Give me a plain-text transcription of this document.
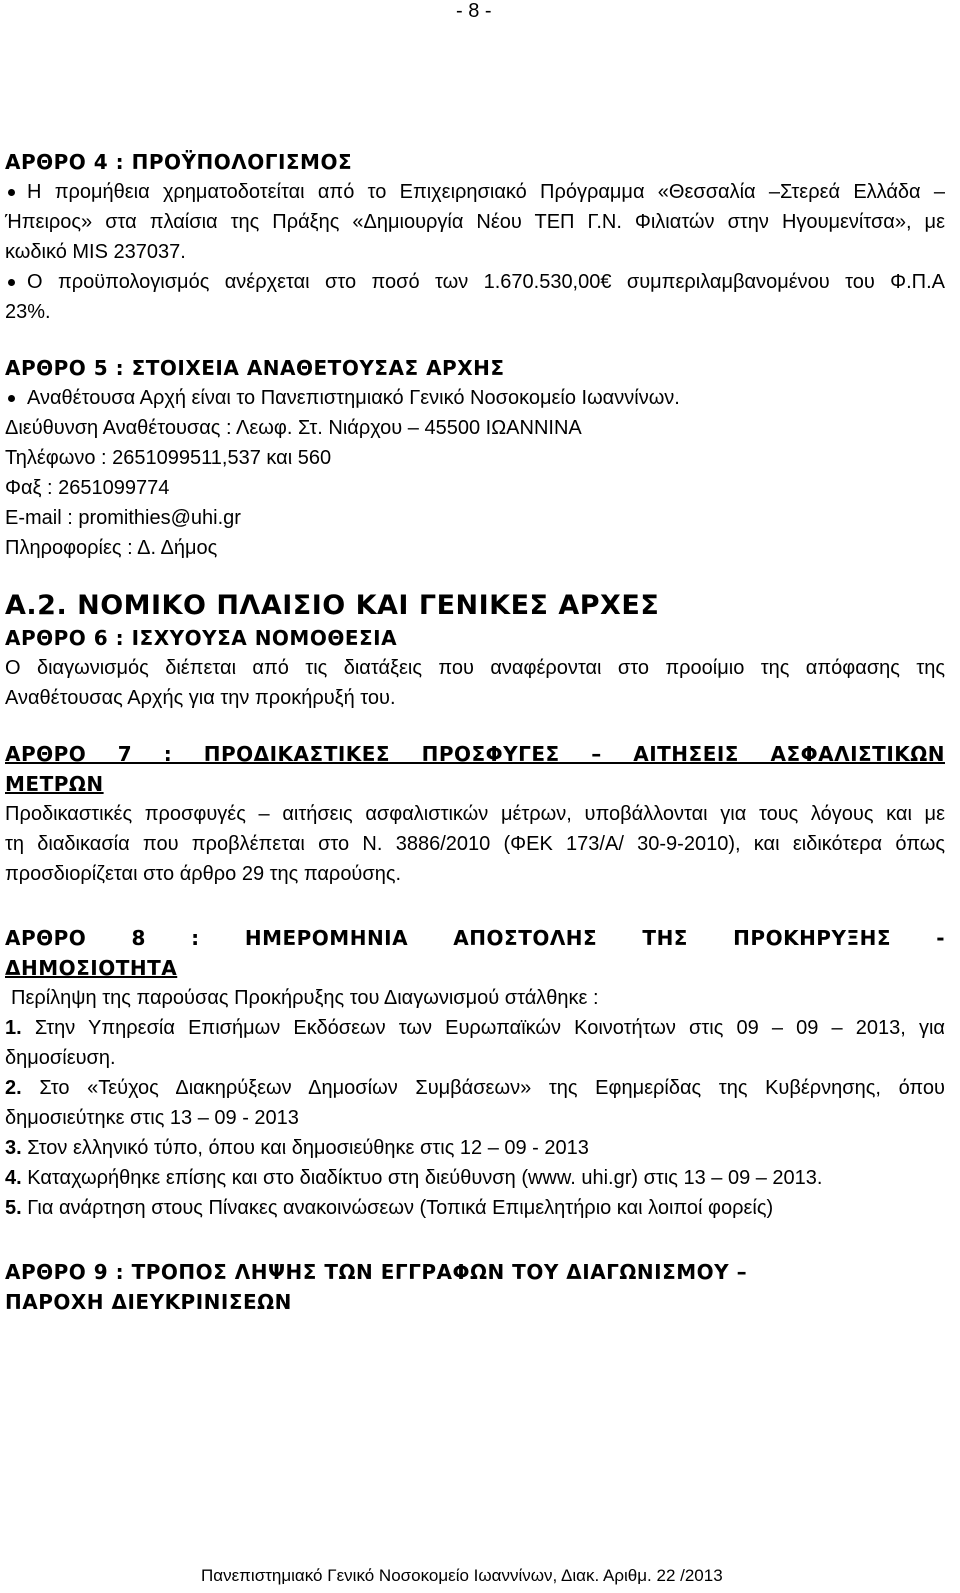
- 8 -

ΑΡΘΡΟ 4 : ΠΡΟΫΠΟΛΟΓΙΣΜΟΣ

Η προμήθεια χρηματοδοτείται από το Επιχειρησιακό Πρόγραμμα «Θεσσαλία –Στερεά Ελλάδα –

Ήπειρος» στα πλαίσια της Πράξης «Δημιουργία Νέου ΤΕΠ Γ.Ν. Φιλιατών στην Ηγουμενίτσα», με

κωδικό MIS 237037.

Ο προϋπολογισμός ανέρχεται στο ποσό των 1.670.530,00€ συμπεριλαμβανομένου του Φ.Π.Α

23%.

ΑΡΘΡΟ 5 : ΣΤΟΙΧΕΙΑ ΑΝΑΘΕΤΟΥΣΑΣ ΑΡΧΗΣ

Αναθέτουσα Αρχή είναι το Πανεπιστημιακό Γενικό Νοσοκομείο Ιωαννίνων.

Διεύθυνση Αναθέτουσας : Λεωφ. Στ. Νιάρχου – 45500 ΙΩΑΝΝΙΝΑ

Τηλέφωνο : 2651099511,537 και 560

Φαξ : 2651099774

E-mail : promithies@uhi.gr

Πληροφορίες : Δ. Δήμος

Α.2. ΝΟΜΙΚΟ ΠΛΑΙΣΙΟ ΚΑΙ ΓΕΝΙΚΕΣ ΑΡΧΕΣ

ΑΡΘΡΟ 6 : ΙΣΧΥΟΥΣΑ ΝΟΜΟΘΕΣΙΑ

Ο διαγωνισμός διέπεται από τις διατάξεις που αναφέρονται στο προοίμιο της απόφασης της

Αναθέτουσας Αρχής για την προκήρυξή του.

ΑΡΘΡΟ 7 : ΠΡΟΔΙΚΑΣΤΙΚΕΣ ΠΡΟΣΦΥΓΕΣ – ΑΙΤΗΣΕΙΣ ΑΣΦΑΛΙΣΤΙΚΩΝ

ΜΕΤΡΩΝ

Προδικαστικές προσφυγές – αιτήσεις ασφαλιστικών μέτρων, υποβάλλονται για τους λόγους και με

τη διαδικασία που προβλέπεται στο Ν. 3886/2010 (ΦΕΚ 173/Α/ 30-9-2010), και ειδικότερα όπως

προσδιορίζεται στο άρθρο 29 της παρούσης.

ΑΡΘΡΟ 8 : ΗΜΕΡΟΜΗΝΙΑ ΑΠΟΣΤΟΛΗΣ ΤΗΣ ΠΡΟΚΗΡΥΞΗΣ -

ΔΗΜΟΣΙΟΤΗΤΑ

Περίληψη της παρούσας Προκήρυξης του Διαγωνισμού στάλθηκε :

1. Στην Υπηρεσία Επισήμων Εκδόσεων των Ευρωπαϊκών Κοινοτήτων στις 09 – 09 – 2013, για

δημοσίευση.

2. Στο «Τεύχος Διακηρύξεων Δημοσίων Συμβάσεων» της Εφημερίδας της Κυβέρνησης, όπου

δημοσιεύτηκε στις 13 – 09 - 2013

3. Στον ελληνικό τύπο, όπου και δημοσιεύθηκε στις 12 – 09 - 2013

4. Καταχωρήθηκε επίσης και στο διαδίκτυο στη διεύθυνση (www. uhi.gr) στις 13 – 09 – 2013.

5. Για ανάρτηση στους Πίνακες ανακοινώσεων (Τοπικά Επιμελητήριο και λοιποί φορείς)

ΑΡΘΡΟ 9 : ΤΡΟΠΟΣ ΛΗΨΗΣ ΤΩΝ ΕΓΓΡΑΦΩΝ ΤΟΥ ΔΙΑΓΩΝΙΣΜΟΥ –

ΠΑΡΟΧΗ ΔΙΕΥΚΡΙΝΙΣΕΩΝ

Πανεπιστημιακό Γενικό Νοσοκομείο Ιωαννίνων, Διακ. Αριθμ. 22 /2013
